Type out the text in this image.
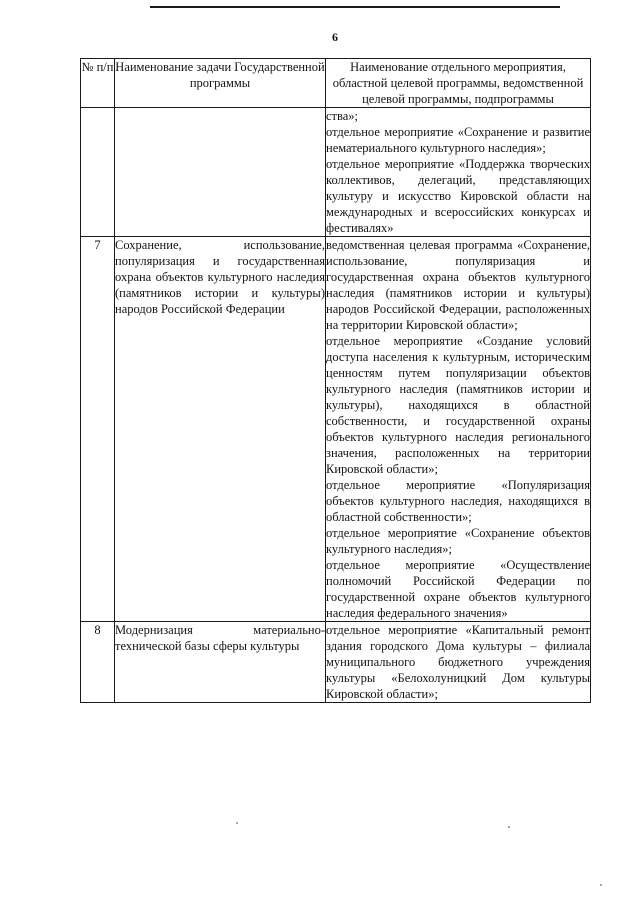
6
№ п/п	Наименование задачи Государственной программы	Наименование отдельного мероприятия, областной целевой программы, ведомственной целевой программы, подпрограммы

		ства»;

отдельное мероприятие «Сохранение и развитие нематериального культурного наследия»;

отдельное мероприятие «Поддержка творческих коллективов, делегаций, представляющих культуру и искусство Кировской области на международных и всероссийских конкурсах и фестивалях»

7	Сохранение, использование, популяризация и государственная охрана объектов культурного наследия (памятников истории и культуры) народов Российской Федерации	ведомственная целевая программа «Сохранение, использование, популяризация и государственная охрана объектов культурного наследия (памятников истории и культуры) народов Российской Федерации, расположенных на территории Кировской области»;

отдельное мероприятие «Создание условий доступа населения к культурным, историческим ценностям путем популяризации объектов культурного наследия (памятников истории и культуры), находящихся в областной собственности, и государственной охраны объектов культурного наследия регионального значения, расположенных на территории Кировской области»;

отдельное мероприятие «Популяризация объектов культурного наследия, находящихся в областной собственности»;

отдельное мероприятие «Сохранение объектов культурного наследия»;

отдельное мероприятие «Осуществление полномочий Российской Федерации по государственной охране объектов культурного наследия федерального значения»

8	Модернизация материально-технической базы сферы культуры	отдельное мероприятие «Капитальный ремонт здания городского Дома культуры – филиала муниципального бюджетного учреждения культуры «Белохолуницкий Дом культуры Кировской области»;
